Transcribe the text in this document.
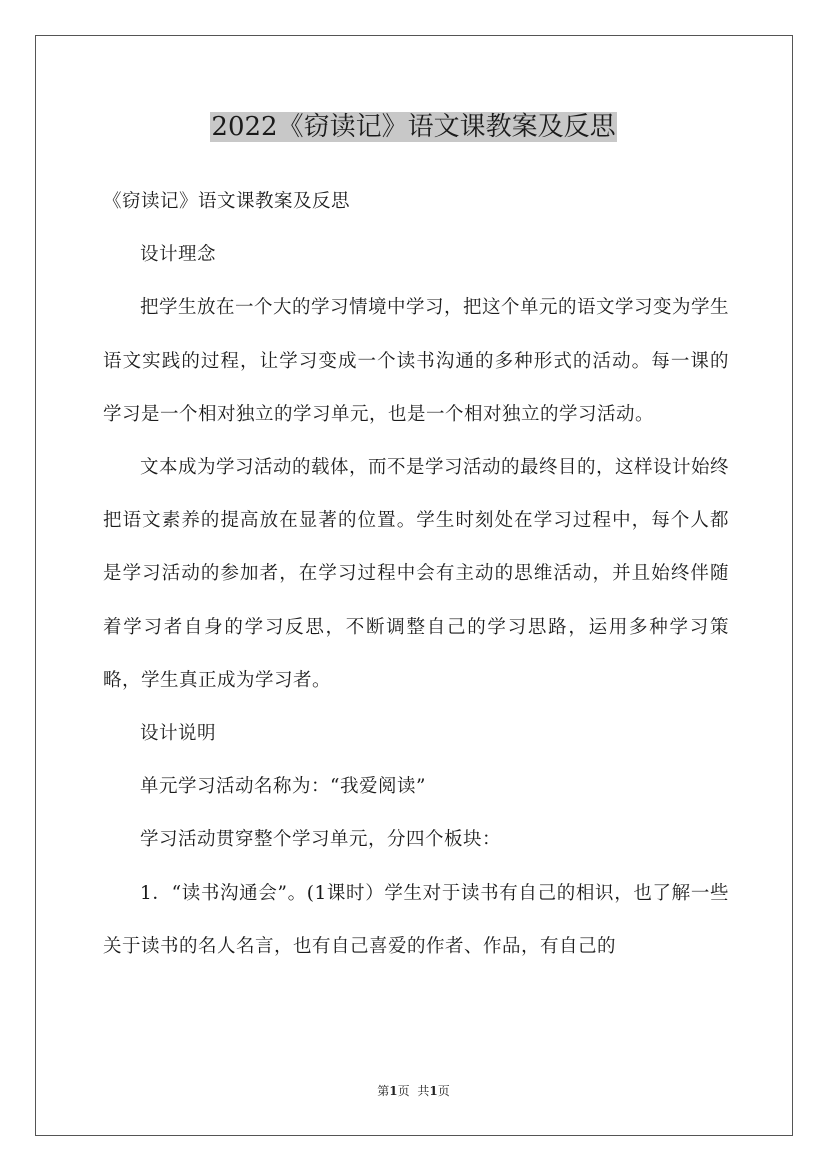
2022《窃读记》语文课教案及反思

《窃读记》语文课教案及反思

设计理念

把学生放在一个大的学习情境中学习，把这个单元的语文学习变为学生语文实践的过程，让学习变成一个读书沟通的多种形式的活动。每一课的学习是一个相对独立的学习单元，也是一个相对独立的学习活动。

文本成为学习活动的载体，而不是学习活动的最终目的，这样设计始终把语文素养的提高放在显著的位置。学生时刻处在学习过程中，每个人都是学习活动的参加者，在学习过程中会有主动的思维活动，并且始终伴随着学习者自身的学习反思，不断调整自己的学习思路，运用多种学习策略，学生真正成为学习者。

设计说明

单元学习活动名称为：“我爱阅读”

学习活动贯穿整个学习单元，分四个板块：

1．“读书沟通会”。(1课时）学生对于读书有自己的相识，也了解一些关于读书的名人名言，也有自己喜爱的作者、作品，有自己的

第1页 共1页
